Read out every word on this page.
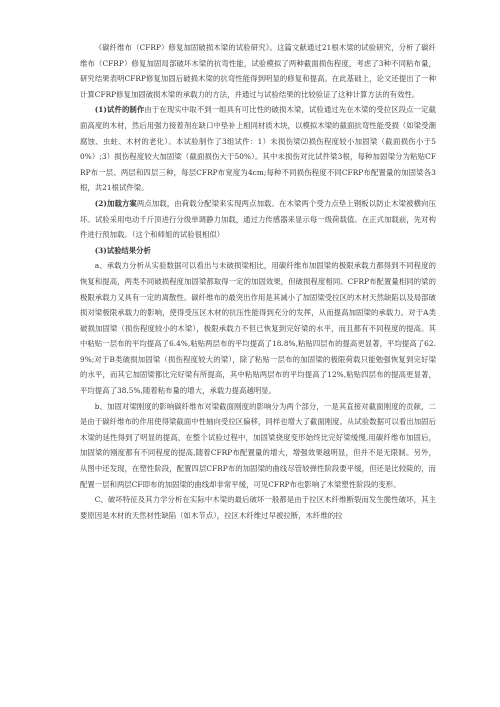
《碳纤维布（CFRP）修复加固破损木梁的试验研究》。这篇文献通过21根木梁的试验研究，分析了碳纤维布（CFRP）修复加固局部破坏木梁的抗弯性能，试验模拟了两种截面损伤程度，考虑了3种不同粘布量，研究结果表明CFRP修复加固后破损木梁的抗弯性能得到明显的修复和提高。在此基础上，论文还提出了一种计算CFRP修复加固破损木梁的承载力的方法，并通过与试验结果的比较验证了这种计算方法的有效性。

(1)试件的制作由于在现实中取不到一组具有可比性的破损木梁，试验通过先在木梁的受拉区段点一定截面高度的木材，然后用强力接着剂在缺口中垫补上相同材质木块，以模拟木梁的截面抗弯性能受损（如梁受潮腐蚀、虫蛀、木材的老化）。本试验制作了3组试件：1）未损伤梁⑵损伤程度较小加固梁（截面损伤小于50%）;3）损伤程度较大加固梁（截面损伤大于50%）。其中未损伤对比试件梁3根，每种加固梁分为粘贴CFRP布一层、两层和四层三种，每层CFRP布宽度为4cm;每种不同损伤程度不同CFRP布配置量的加固梁各3根，共21根试件梁。

(2)加载方案两点加载，由荷载分配梁来实现两点加载。在木梁两个受力点垫上钢板以防止木梁被横向压坏。试验采用电动千斤顶进行分级单调静力加载，通过力传感器来显示每一级荷载值。在正式加载前，先对构件进行预加载。（这个和师姐的试验很相似）

(3)试验结果分析

a、承载力分析从实验数据可以看出与未破损梁相比，用碳纤维布加固梁的极限承载力都得到不同程度的恢复和提高，两类不同破损程度加固梁都取得一定的加固效果，但破损程度相同、CFRP布配置量相同的梁的极限承载力又具有一定的离散性。碳纤维布的最突出作用是其减小了加固梁受拉区的木材天然缺陷以及局部破损对梁极限承载力的影响，使得受压区木材的抗压性能得到充分的发挥，从而提高加固梁的承载力。对于A类破损加固梁（损伤程度较小的木梁），极限承载力不但已恢复到完好梁的水平，而且都有不同程度的提高。其中粘贴一层布的平均提高了6.4%,粘贴两层布的平均提高了18.8%,粘贴四层布的提高更显著，平均提高了62.9%;对于B类破损加固梁（损伤程度较大的梁），除了粘贴一层布的加固梁的极限荷载只能勉强恢复到完好梁的水平，而其它加固梁都比完好梁有所提高，其中粘贴两层布的平均提高了12%,粘贴四层布的提高更显著，平均提高了38.5%,随着粘布量的增大，承载力提高越明显。

b、加固对梁刚度的影响碳纤维布对梁截面刚度的影响分为两个部分，一是其直接对截面刚度的贡献，二是由于碳纤维布的作用使得梁截面中性轴向受拉区偏移，同样也增大了截面刚度。从试验数据可以看出加固后木梁的延性得到了明显的提高，在整个试验过程中，加固梁挠度变形始终比完好梁缓慢,用碳纤维布加固后，加固梁的刚度都有不同程度的提高,随着CFRP布配置量的增大，增强效果越明显，但并不是无限制。另外，从图中还发现，在塑性阶段，配置四层CFRP布的加固梁的曲线尽管较弹性阶段要平缓，但还是比较陡的，而配置一层和两层CF即布的加固梁的曲线却非常平缓，可见CFRP布也影响了木梁塑性阶段的变形。

C、破坏特征及其力学分析在实际中木梁的最后破坏一般都是由于拉区木纤维断裂而发生脆性破坏，其主要原因是木材的天然材性缺陷（如木节点），拉区木纤维过早被拉断，木纤维的拉
